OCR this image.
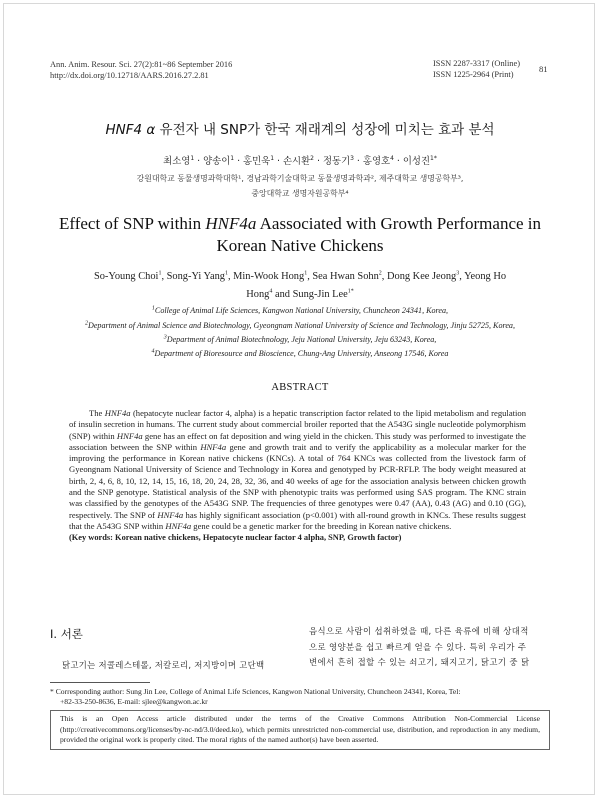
Ann. Anim. Resour. Sci. 27(2):81~86 September 2016
http://dx.doi.org/10.12718/AARS.2016.27.2.81
ISSN 2287-3317 (Online)
ISSN 1225-2964 (Print)
81
HNF4 α 유전자 내 SNP가 한국 재래계의 성장에 미치는 효과 분석
최소영$^1$ · 양송이$^1$ · 홍민욱$^1$ · 손시환$^2$ · 정동기$^3$ · 홍영호$^4$ · 이성진$^{1*}$
강원대학교 동물생명과학대학¹, 경남과학기술대학교 동물생명과학과², 제주대학교 생명공학부³,
중앙대학교 생명자원공학부⁴
Effect of SNP within HNF4a Aassociated with Growth Performance in Korean Native Chickens
So-Young Choi$^1$, Song-Yi Yang$^1$, Min-Wook Hong$^1$, Sea Hwan Sohn$^2$, Dong Kee Jeong$^3$, Yeong Ho
Hong$^4$ and Sung-Jin Lee$^{1*}$
$^1$College of Animal Life Sciences, Kangwon National University, Chuncheon 24341, Korea,
$^2$Department of Animal Science and Biotechnology, Gyeongnam National University of Science and Technology, Jinju 52725, Korea,
$^3$Department of Animal Biotechnology, Jeju National University, Jeju 63243, Korea,
$^4$Department of Bioresource and Bioscience, Chung-Ang University, Anseong 17546, Korea
ABSTRACT

The HNF4a (hepatocyte nuclear factor 4, alpha) is a hepatic transcription factor related to the lipid metabolism and regulation of insulin secretion in humans. The current study about commercial broiler reported that the A543G single nucleotide polymorphism (SNP) within HNF4a gene has an effect on fat deposition and wing yield in the chicken. This study was performed to investigate the association between the SNP within HNF4a gene and growth trait and to verify the applicability as a molecular marker for the improving the performance in Korean native chickens (KNCs). A total of 764 KNCs was collected from the livestock farm of Gyeongnam National University of Science and Technology in Korea and genotyped by PCR-RFLP. The body weight measured at birth, 2, 4, 6, 8, 10, 12, 14, 15, 16, 18, 20, 24, 28, 32, 36, and 40 weeks of age for the association analysis between chicken growth and the SNP genotype. Statistical analysis of the SNP with phenotypic traits was performed using SAS program. The KNC strain was classified by the genotypes of the A543G SNP. The frequencies of three genotypes were 0.47 (AA), 0.43 (AG) and 0.10 (GG), respectively. The SNP of HNF4a has highly significant association (p<0.001) with all-round growth in KNCs. These results suggest that the A543G SNP within HNF4a gene could be a genetic marker for the breeding in Korean native chickens.

(Key words: Korean native chickens, Hepatocyte nuclear factor 4 alpha, SNP, Growth factor)
Ⅰ. 서론
닭고기는 저콜레스테롤, 저칼로리, 저지방이며 고단백
음식으로 사람이 섭취하였을 때, 다른 육류에 비해 상대적
으로 영양분을 쉽고 빠르게 얻을 수 있다. 특히 우리가 주
변에서 흔히 접할 수 있는 쇠고기, 돼지고기, 닭고기 중 닭
* Corresponding author: Sung Jin Lee, College of Animal Life Sciences, Kangwon National University, Chuncheon 24341, Korea, Tel:
+82-33-250-8636, E-mail: sjlee@kangwon.ac.kr
This is an Open Access article distributed under the terms of the Creative Commons Attribution Non-Commercial License (http://creativecommons.org/licenses/by-nc-nd/3.0/deed.ko), which permits unrestricted non-commercial use, distribution, and reproduction in any medium, provided the original work is properly cited. The moral rights of the named author(s) have been asserted.
